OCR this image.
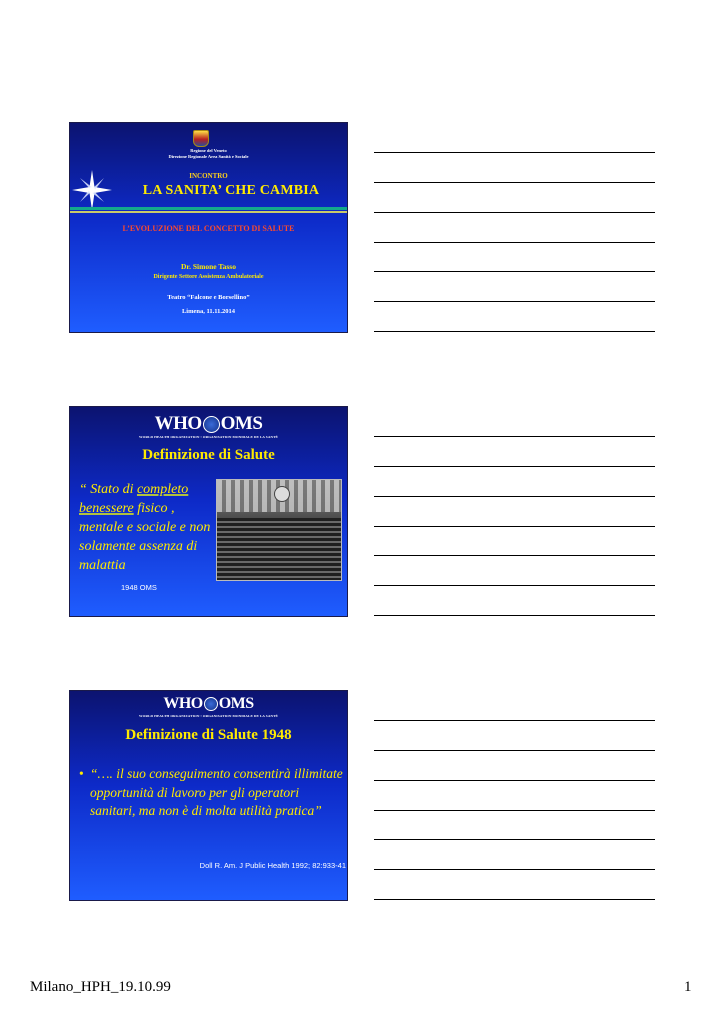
Regione del Veneto
Direzione Regionale Area Sanità e Sociale
INCONTRO
LA SANITA’ CHE CAMBIA
L’EVOLUZIONE DEL CONCETTO DI SALUTE
Dr. Simone Tasso
Dirigente Settore Assistenza Ambulatoriale
Teatro “Falcone e Borsellino”
Limena, 11.11.2014
WHO OMS
WORLD HEALTH ORGANIZATION • ORGANISATION MONDIALE DE LA SANTÉ
Definizione di Salute
“ Stato di completo
benessere fisico , mentale e sociale e non solamente assenza di malattia
1948 OMS
WHO OMS
WORLD HEALTH ORGANIZATION • ORGANISATION MONDIALE DE LA SANTÉ
Definizione di Salute 1948
• “…. il suo conseguimento consentirà illimitate opportunità di lavoro per gli operatori sanitari, ma non è di molta utilità pratica”
Doll R. Am. J Public Health 1992; 82:933-41
Milano_HPH_19.10.99	1
